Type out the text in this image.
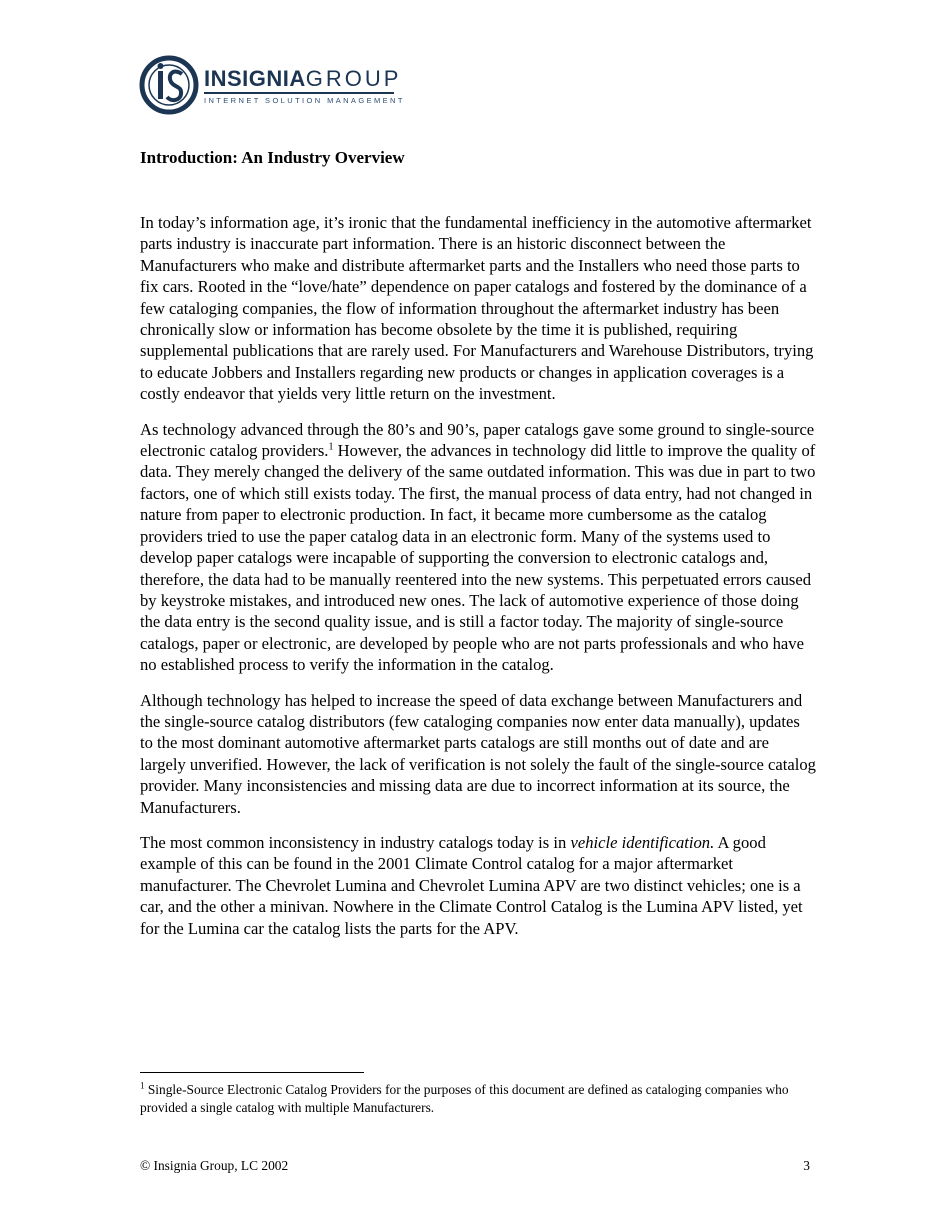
INSIGNIAGROUP
INTERNET SOLUTION MANAGEMENT
Introduction: An Industry Overview

In today’s information age, it’s ironic that the fundamental inefficiency in the automotive aftermarket parts industry is inaccurate part information. There is an historic disconnect between the Manufacturers who make and distribute aftermarket parts and the Installers who need those parts to fix cars. Rooted in the “love/hate” dependence on paper catalogs and fostered by the dominance of a few cataloging companies, the flow of information throughout the aftermarket industry has been chronically slow or information has become obsolete by the time it is published, requiring supplemental publications that are rarely used. For Manufacturers and Warehouse Distributors, trying to educate Jobbers and Installers regarding new products or changes in application coverages is a costly endeavor that yields very little return on the investment.

As technology advanced through the 80’s and 90’s, paper catalogs gave some ground to single-source electronic catalog providers.$^1$ However, the advances in technology did little to improve the quality of data. They merely changed the delivery of the same outdated information. This was due in part to two factors, one of which still exists today. The first, the manual process of data entry, had not changed in nature from paper to electronic production. In fact, it became more cumbersome as the catalog providers tried to use the paper catalog data in an electronic form. Many of the systems used to develop paper catalogs were incapable of supporting the conversion to electronic catalogs and, therefore, the data had to be manually reentered into the new systems. This perpetuated errors caused by keystroke mistakes, and introduced new ones. The lack of automotive experience of those doing the data entry is the second quality issue, and is still a factor today. The majority of single-source catalogs, paper or electronic, are developed by people who are not parts professionals and who have no established process to verify the information in the catalog.

Although technology has helped to increase the speed of data exchange between Manufacturers and the single-source catalog distributors (few cataloging companies now enter data manually), updates to the most dominant automotive aftermarket parts catalogs are still months out of date and are largely unverified. However, the lack of verification is not solely the fault of the single-source catalog provider. Many inconsistencies and missing data are due to incorrect information at its source, the Manufacturers.

The most common inconsistency in industry catalogs today is in vehicle identification. A good example of this can be found in the 2001 Climate Control catalog for a major aftermarket manufacturer. The Chevrolet Lumina and Chevrolet Lumina APV are two distinct vehicles; one is a car, and the other a minivan. Nowhere in the Climate Control Catalog is the Lumina APV listed, yet for the Lumina car the catalog lists the parts for the APV.

$^1$ Single-Source Electronic Catalog Providers for the purposes of this document are defined as cataloging companies who provided a single catalog with multiple Manufacturers.
© Insignia Group, LC 2002	3
